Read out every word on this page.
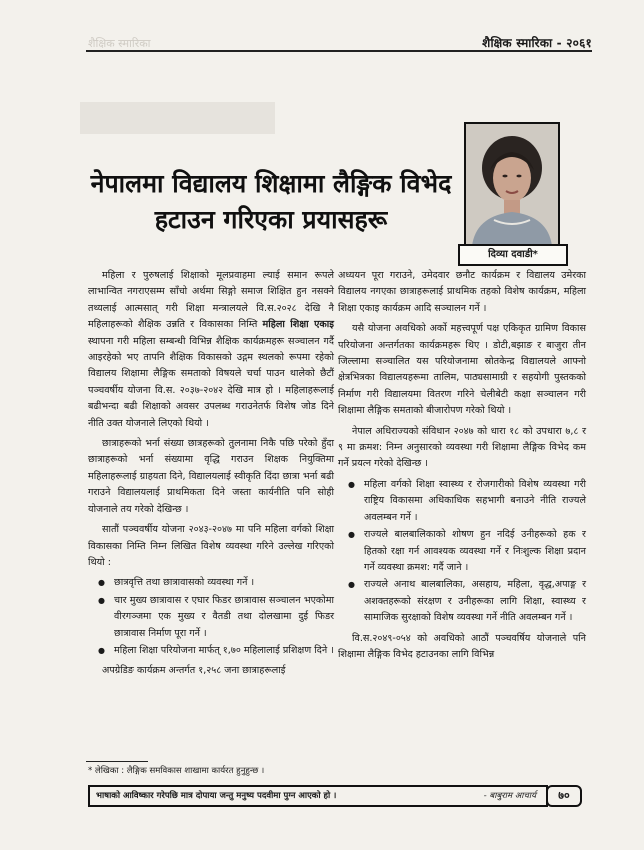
शैक्षिक स्मारिका	शैक्षिक स्मारिका - २०६१
नेपालमा विद्यालय शिक्षामा लैङ्गिक विभेद
हटाउन गरिएका प्रयासहरू
दिव्या दवाडी*

महिला र पुरुषलाई शिक्षाको मूलप्रवाहमा ल्याई समान रूपले लाभान्वित नगराएसम्म साँचो अर्थमा सिङ्गो समाज शिक्षित हुन नसक्ने तथ्यलाई आत्मसात् गरी शिक्षा मन्त्रालयले वि.स.२०२८ देखि नै महिलाहरूको शैक्षिक उन्नति र विकासका निम्ति महिला शिक्षा एकाइ स्थापना गरी महिला सम्बन्धी विभिन्न शैक्षिक कार्यक्रमहरू सञ्चालन गर्दै आइरहेको भए तापनि शैक्षिक विकासको उद्गम स्थलको रूपमा रहेको विद्यालय शिक्षामा लैङ्गिक समताको विषयले चर्चा पाउन थालेको छैटौं पञ्चवर्षीय योजना वि.स. २०३७-२०४२ देखि मात्र हो । महिलाहरूलाई बढीभन्दा बढी शिक्षाको अवसर उपलब्ध गराउनेतर्फ विशेष जोड दिने नीति उक्त योजनाले लिएको थियो ।

छात्राहरूको भर्ना संख्या छात्रहरूको तुलनामा निकै पछि परेको हुँदा छात्राहरूको भर्ना संख्यामा वृद्धि गराउन शिक्षक नियुक्तिमा महिलाहरूलाई ग्राहयता दिने, विद्यालयलाई स्वीकृति दिंदा छात्रा भर्ना बढी गराउने विद्यालयलाई प्राथमिकता दिने जस्ता कार्यनीति पनि सोही योजनाले तय गरेको देखिन्छ ।

सातौं पञ्चवर्षीय योजना २०४३-२०४७ मा पनि महिला वर्गको शिक्षा विकासका निम्ति निम्न लिखित विशेष व्यवस्था गरिने उल्लेख गरिएको थियो :

● छात्रवृत्ति तथा छात्रावासको व्यवस्था गर्ने ।
● चार मुख्य छात्रावास र एघार फिडर छात्रावास सञ्चालन भएकोमा वीरगञ्जमा एक मुख्य र वैतडी तथा दोलखामा दुई फिडर छात्रावास निर्माण पूरा गर्ने ।
● महिला शिक्षा परियोजना मार्फत् १,७० महिलालाई प्रशिक्षण दिने ।

अपग्रेडिङ कार्यक्रम अन्तर्गत १,२५८ जना छात्राहरूलाई

अध्ययन पूरा गराउने, उमेदवार छनौट कार्यक्रम र विद्यालय उमेरका विद्यालय नगएका छात्राहरूलाई प्राथमिक तहको विशेष कार्यक्रम, महिला शिक्षा एकाइ कार्यक्रम आदि सञ्चालन गर्ने ।

यसै योजना अवधिको अर्को महत्त्वपूर्ण पक्ष एकिकृत ग्रामिण विकास परियोजना अन्तर्गतका कार्यक्रमहरू थिए । डोटी,बझाङ र बाजुरा तीन जिल्लामा सञ्चालित यस परियोजनामा स्रोतकेन्द्र विद्यालयले आफ्नो क्षेत्रभित्रका विद्यालयहरूमा तालिम, पाठ्यसामाग्री र सहयोगी पुस्तकको निर्माण गरी विद्यालयमा वितरण गरिने चेलीबेटी कक्षा सञ्चालन गरी शिक्षामा लैङ्गिक समताको बीजारोपण गरेको थियो ।

नेपाल अधिराज्यको संविधान २०४७ को धारा १८ को उपधारा ७,८ र ९ मा क्रमश: निम्न अनुसारको व्यवस्था गरी शिक्षामा लैङ्गिक विभेद कम गर्ने प्रयत्न गरेको देखिन्छ ।

● महिला वर्गको शिक्षा स्वास्थ्य र रोजगारीको विशेष व्यवस्था गरी राष्ट्रिय विकासमा अधिकाधिक सहभागी बनाउने नीति राज्यले अवलम्बन गर्ने ।
● राज्यले बालबालिकाको शोषण हुन नदिई उनीहरूको हक र हितको रक्षा गर्न आवश्यक व्यवस्था गर्ने र निःशुल्क शिक्षा प्रदान गर्ने व्यवस्था क्रमश: गर्दै जाने ।
● राज्यले अनाथ बालबालिका, असहाय, महिला, वृद्ध,अपाङ्ग र अशक्तहरूको संरक्षण र उनीहरूका लागि शिक्षा, स्वास्थ्य र सामाजिक सुरक्षाको विशेष व्यवस्था गर्ने नीति अवलम्बन गर्ने ।

वि.स.२०४९-०५४ को अवधिको आठौं पञ्चवर्षिय योजनाले पनि शिक्षामा लैङ्गिक विभेद हटाउनका लागि विभिन्न

* लेखिका : लैङ्गिक समविकास शाखामा कार्यरत हुनुहुन्छ ।
भाषाको आविष्कार गरेपछि मात्र दोपाया जन्तु मनुष्य पदवीमा पुग्न आएको हो ।	- बाबुराम आचार्य	७०
